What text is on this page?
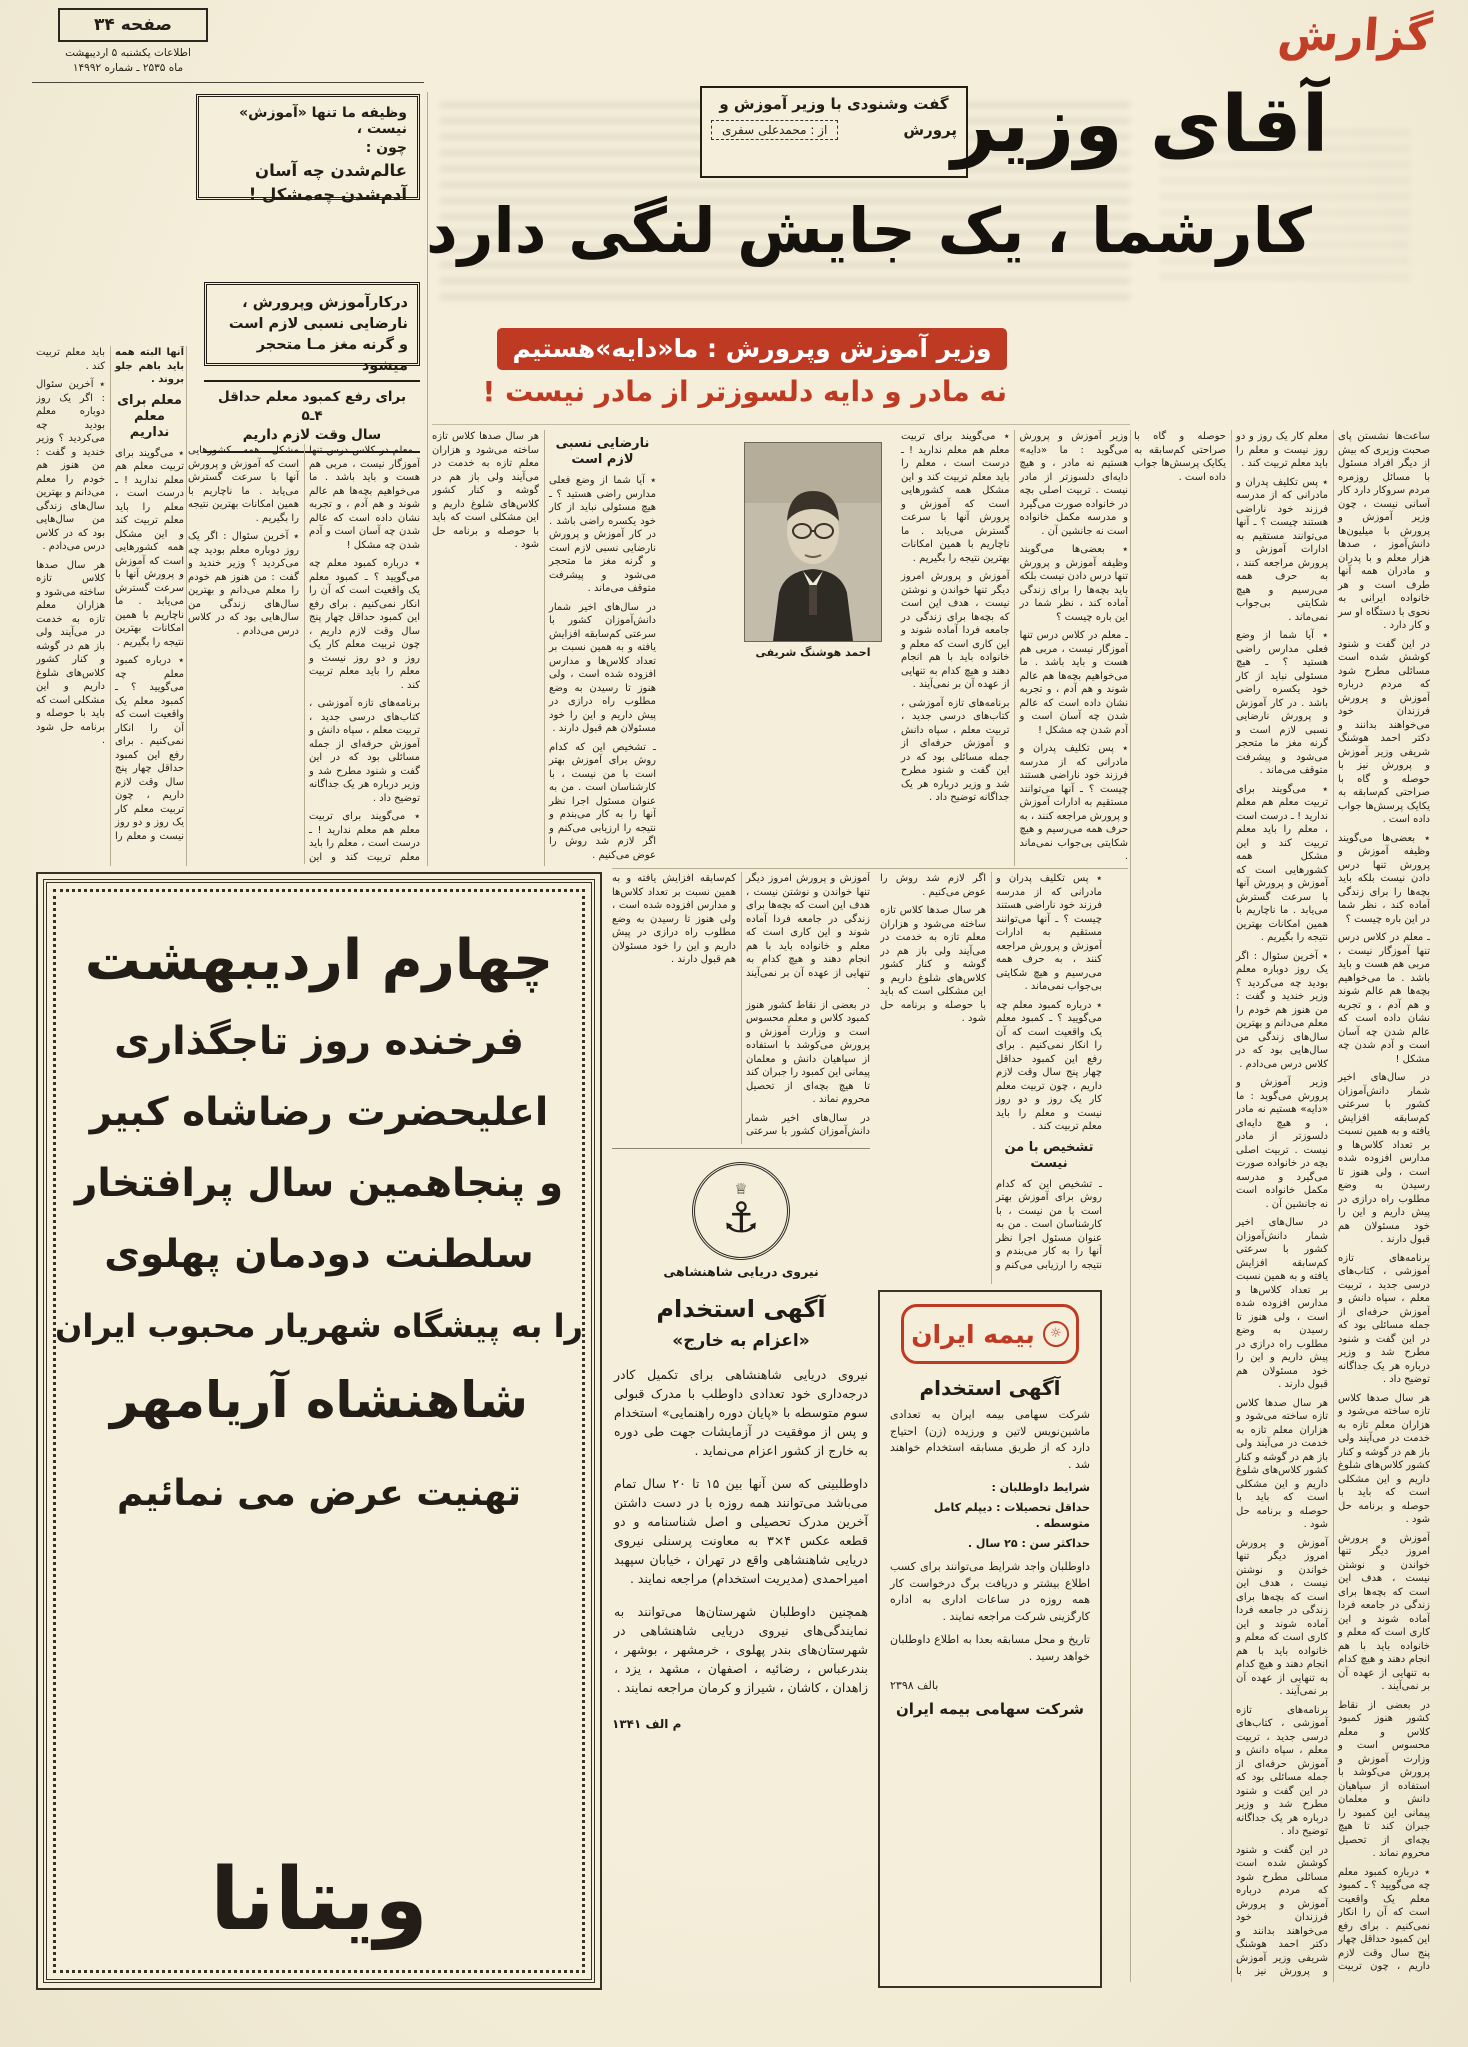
گزارش
صفحه ۳۴
اطلاعات یکشنبه ۵ اردیبهشت
ماه ۲۵۳۵ ـ شماره ۱۴۹۹۲
گفت وشنودی با وزیر آموزش و
پرورش
از : محمدعلی سفری آقای وزیر
کارشما ، یک جایش لنگی دارد
وظیفه ما تنها «آموزش» نیست ،
چون :
عالم‌شدن چه آسان
آدم‌شدن چه‌مشکل !
درکارآموزش وپرورش ، نارضایی نسبی لازم است و گرنه مغز مـا متحجر میشود
برای رفع کمبود معلم حداقل ۴ـ۵
سال وقت لازم داریم
وزیر آموزش وپرورش : ما«دایه»هستیم
نه مادر و دایه دلسوزتر از مادر نیست !

ساعت‌ها نشستن پای صحبت وزیری که بیش از دیگر افراد مسئول با مسائل روزمره مردم سروکار دارد کار آسانی نیست ، چون وزیر آموزش و پرورش با میلیون‌ها دانش‌آموز ، صدها هزار معلم و با پدران و مادران همه آنها طرف است و هر خانواده ایرانی به نحوی با دستگاه او سر و کار دارد .

در این گفت و شنود کوشش شده است مسائلی مطرح شود که مردم درباره آموزش و پرورش فرزندان خود می‌خواهند بدانند و دکتر احمد هوشنگ شریفی وزیر آموزش و پرورش نیز با حوصله و گاه با صراحتی کم‌سابقه به یکایک پرسش‌ها جواب داده است .

٭ بعضی‌ها می‌گویند وظیفه آموزش و پرورش تنها درس دادن نیست بلکه باید بچه‌ها را برای زندگی آماده کند ، نظر شما در این باره چیست ؟

ـ معلم در کلاس درس تنها آموزگار نیست ، مربی هم هست و باید باشد . ما می‌خواهیم بچه‌ها هم عالم شوند و هم آدم ، و تجربه نشان داده است که عالم شدن چه آسان است و آدم شدن چه مشکل !

در سال‌های اخیر شمار دانش‌آموزان کشور با سرعتی کم‌سابقه افزایش یافته و به همین نسبت بر تعداد کلاس‌ها و مدارس افزوده شده است ، ولی هنوز تا رسیدن به وضع مطلوب راه درازی در پیش داریم و این را خود مسئولان هم قبول دارند .

برنامه‌های تازه آموزشی ، کتاب‌های درسی جدید ، تربیت معلم ، سپاه دانش و آموزش حرفه‌ای از جمله مسائلی بود که در این گفت و شنود مطرح شد و وزیر درباره هر یک جداگانه توضیح داد .

هر سال صدها کلاس تازه ساخته می‌شود و هزاران معلم تازه به خدمت در می‌آیند ولی باز هم در گوشه و کنار کشور کلاس‌های شلوغ داریم و این مشکلی است که باید با حوصله و برنامه حل شود .

آموزش و پرورش امروز دیگر تنها خواندن و نوشتن نیست ، هدف این است که بچه‌ها برای زندگی در جامعه فردا آماده شوند و این کاری است که معلم و خانواده باید با هم انجام دهند و هیچ کدام به تنهایی از عهده آن بر نمی‌آیند .

در بعضی از نقاط کشور هنوز کمبود کلاس و معلم محسوس است و وزارت آموزش و پرورش می‌کوشد با استفاده از سپاهیان دانش و معلمان پیمانی این کمبود را جبران کند تا هیچ بچه‌ای از تحصیل محروم نماند .

٭ درباره کمبود معلم چه می‌گویید ؟ ـ کمبود معلم یک واقعیت است که آن را انکار نمی‌کنیم . برای رفع این کمبود حداقل چهار پنج سال وقت لازم داریم ، چون تربیت معلم کار یک روز و دو روز نیست و معلم را باید معلم تربیت کند .

٭ پس تکلیف پدران و مادرانی که از مدرسه فرزند خود ناراضی هستند چیست ؟ ـ آنها می‌توانند مستقیم به ادارات آموزش و پرورش مراجعه کنند ، به حرف همه می‌رسیم و هیچ شکایتی بی‌جواب نمی‌ماند .

٭ آیا شما از وضع فعلی مدارس راضی هستید ؟ ـ هیچ مسئولی نباید از کار خود یکسره راضی باشد . در کار آموزش و پرورش نارضایی نسبی لازم است و گرنه مغز ما متحجر می‌شود و پیشرفت متوقف می‌ماند .

٭ می‌گویند برای تربیت معلم هم معلم ندارید ! ـ درست است ، معلم را باید معلم تربیت کند و این مشکل همه کشورهایی است که آموزش و پرورش آنها با سرعت گسترش می‌یابد . ما ناچاریم با همین امکانات بهترین نتیجه را بگیریم .

٭ آخرین سئوال : اگر یک روز دوباره معلم بودید چه می‌کردید ؟ وزیر خندید و گفت : من هنوز هم خودم را معلم می‌دانم و بهترین سال‌های زندگی من سال‌هایی بود که در کلاس درس می‌دادم .

وزیر آموزش و پرورش می‌گوید : ما «دایه» هستیم نه مادر ، و هیچ دایه‌ای دلسوزتر از مادر نیست . تربیت اصلی بچه در خانواده صورت می‌گیرد و مدرسه مکمل خانواده است نه جانشین آن .

در سال‌های اخیر شمار دانش‌آموزان کشور با سرعتی کم‌سابقه افزایش یافته و به همین نسبت بر تعداد کلاس‌ها و مدارس افزوده شده است ، ولی هنوز تا رسیدن به وضع مطلوب راه درازی در پیش داریم و این را خود مسئولان هم قبول دارند .

هر سال صدها کلاس تازه ساخته می‌شود و هزاران معلم تازه به خدمت در می‌آیند ولی باز هم در گوشه و کنار کشور کلاس‌های شلوغ داریم و این مشکلی است که باید با حوصله و برنامه حل شود .

آموزش و پرورش امروز دیگر تنها خواندن و نوشتن نیست ، هدف این است که بچه‌ها برای زندگی در جامعه فردا آماده شوند و این کاری است که معلم و خانواده باید با هم انجام دهند و هیچ کدام به تنهایی از عهده آن بر نمی‌آیند .

برنامه‌های تازه آموزشی ، کتاب‌های درسی جدید ، تربیت معلم ، سپاه دانش و آموزش حرفه‌ای از جمله مسائلی بود که در این گفت و شنود مطرح شد و وزیر درباره هر یک جداگانه توضیح داد .

در این گفت و شنود کوشش شده است مسائلی مطرح شود که مردم درباره آموزش و پرورش فرزندان خود می‌خواهند بدانند و دکتر احمد هوشنگ شریفی وزیر آموزش و پرورش نیز با حوصله و گاه با صراحتی کم‌سابقه به یکایک پرسش‌ها جواب داده است .

وزیر آموزش و پرورش می‌گوید : ما «دایه» هستیم نه مادر ، و هیچ دایه‌ای دلسوزتر از مادر نیست . تربیت اصلی بچه در خانواده صورت می‌گیرد و مدرسه مکمل خانواده است نه جانشین آن .

٭ بعضی‌ها می‌گویند وظیفه آموزش و پرورش تنها درس دادن نیست بلکه باید بچه‌ها را برای زندگی آماده کند ، نظر شما در این باره چیست ؟

ـ معلم در کلاس درس تنها آموزگار نیست ، مربی هم هست و باید باشد . ما می‌خواهیم بچه‌ها هم عالم شوند و هم آدم ، و تجربه نشان داده است که عالم شدن چه آسان است و آدم شدن چه مشکل !

٭ پس تکلیف پدران و مادرانی که از مدرسه فرزند خود ناراضی هستند چیست ؟ ـ آنها می‌توانند مستقیم به ادارات آموزش و پرورش مراجعه کنند ، به حرف همه می‌رسیم و هیچ شکایتی بی‌جواب نمی‌ماند .

٭ می‌گویند برای تربیت معلم هم معلم ندارید ! ـ درست است ، معلم را باید معلم تربیت کند و این مشکل همه کشورهایی است که آموزش و پرورش آنها با سرعت گسترش می‌یابد . ما ناچاریم با همین امکانات بهترین نتیجه را بگیریم .

آموزش و پرورش امروز دیگر تنها خواندن و نوشتن نیست ، هدف این است که بچه‌ها برای زندگی در جامعه فردا آماده شوند و این کاری است که معلم و خانواده باید با هم انجام دهند و هیچ کدام به تنهایی از عهده آن بر نمی‌آیند .

برنامه‌های تازه آموزشی ، کتاب‌های درسی جدید ، تربیت معلم ، سپاه دانش و آموزش حرفه‌ای از جمله مسائلی بود که در این گفت و شنود مطرح شد و وزیر درباره هر یک جداگانه توضیح داد .

نارضایی نسبی لازم است

٭ آیا شما از وضع فعلی مدارس راضی هستید ؟ ـ هیچ مسئولی نباید از کار خود یکسره راضی باشد . در کار آموزش و پرورش نارضایی نسبی لازم است و گرنه مغز ما متحجر می‌شود و پیشرفت متوقف می‌ماند .

در سال‌های اخیر شمار دانش‌آموزان کشور با سرعتی کم‌سابقه افزایش یافته و به همین نسبت بر تعداد کلاس‌ها و مدارس افزوده شده است ، ولی هنوز تا رسیدن به وضع مطلوب راه درازی در پیش داریم و این را خود مسئولان هم قبول دارند .

ـ تشخیص این که کدام روش برای آموزش بهتر است با من نیست ، با کارشناسان است . من به عنوان مسئول اجرا نظر آنها را به کار می‌بندم و نتیجه را ارزیابی می‌کنم و اگر لازم شد روش را عوض می‌کنیم .

هر سال صدها کلاس تازه ساخته می‌شود و هزاران معلم تازه به خدمت در می‌آیند ولی باز هم در گوشه و کنار کشور کلاس‌های شلوغ داریم و این مشکلی است که باید با حوصله و برنامه حل شود .

٭ پس تکلیف پدران و مادرانی که از مدرسه فرزند خود ناراضی هستند چیست ؟ ـ آنها می‌توانند مستقیم به ادارات آموزش و پرورش مراجعه کنند ، به حرف همه می‌رسیم و هیچ شکایتی بی‌جواب نمی‌ماند .

٭ درباره کمبود معلم چه می‌گویید ؟ ـ کمبود معلم یک واقعیت است که آن را انکار نمی‌کنیم . برای رفع این کمبود حداقل چهار پنج سال وقت لازم داریم ، چون تربیت معلم کار یک روز و دو روز نیست و معلم را باید معلم تربیت کند .

تشخیص با من نیست

ـ تشخیص این که کدام روش برای آموزش بهتر است با من نیست ، با کارشناسان است . من به عنوان مسئول اجرا نظر آنها را به کار می‌بندم و نتیجه را ارزیابی می‌کنم و اگر لازم شد روش را عوض می‌کنیم .

هر سال صدها کلاس تازه ساخته می‌شود و هزاران معلم تازه به خدمت در می‌آیند ولی باز هم در گوشه و کنار کشور کلاس‌های شلوغ داریم و این مشکلی است که باید با حوصله و برنامه حل شود .

آموزش و پرورش امروز دیگر تنها خواندن و نوشتن نیست ، هدف این است که بچه‌ها برای زندگی در جامعه فردا آماده شوند و این کاری است که معلم و خانواده باید با هم انجام دهند و هیچ کدام به تنهایی از عهده آن بر نمی‌آیند .

در بعضی از نقاط کشور هنوز کمبود کلاس و معلم محسوس است و وزارت آموزش و پرورش می‌کوشد با استفاده از سپاهیان دانش و معلمان پیمانی این کمبود را جبران کند تا هیچ بچه‌ای از تحصیل محروم نماند .

در سال‌های اخیر شمار دانش‌آموزان کشور با سرعتی کم‌سابقه افزایش یافته و به همین نسبت بر تعداد کلاس‌ها و مدارس افزوده شده است ، ولی هنوز تا رسیدن به وضع مطلوب راه درازی در پیش داریم و این را خود مسئولان هم قبول دارند .

ـ معلم در کلاس درس تنها آموزگار نیست ، مربی هم هست و باید باشد . ما می‌خواهیم بچه‌ها هم عالم شوند و هم آدم ، و تجربه نشان داده است که عالم شدن چه آسان است و آدم شدن چه مشکل !

٭ درباره کمبود معلم چه می‌گویید ؟ ـ کمبود معلم یک واقعیت است که آن را انکار نمی‌کنیم . برای رفع این کمبود حداقل چهار پنج سال وقت لازم داریم ، چون تربیت معلم کار یک روز و دو روز نیست و معلم را باید معلم تربیت کند .

برنامه‌های تازه آموزشی ، کتاب‌های درسی جدید ، تربیت معلم ، سپاه دانش و آموزش حرفه‌ای از جمله مسائلی بود که در این گفت و شنود مطرح شد و وزیر درباره هر یک جداگانه توضیح داد .

٭ می‌گویند برای تربیت معلم هم معلم ندارید ! ـ درست است ، معلم را باید معلم تربیت کند و این مشکل همه کشورهایی است که آموزش و پرورش آنها با سرعت گسترش می‌یابد . ما ناچاریم با همین امکانات بهترین نتیجه را بگیریم .

٭ آخرین سئوال : اگر یک روز دوباره معلم بودید چه می‌کردید ؟ وزیر خندید و گفت : من هنوز هم خودم را معلم می‌دانم و بهترین سال‌های زندگی من سال‌هایی بود که در کلاس درس می‌دادم .

آنها البته همه باید باهم جلو بروند .

معلم برای معلم نداریم

٭ می‌گویند برای تربیت معلم هم معلم ندارید ! ـ درست است ، معلم را باید معلم تربیت کند و این مشکل همه کشورهایی است که آموزش و پرورش آنها با سرعت گسترش می‌یابد . ما ناچاریم با همین امکانات بهترین نتیجه را بگیریم .

٭ درباره کمبود معلم چه می‌گویید ؟ ـ کمبود معلم یک واقعیت است که آن را انکار نمی‌کنیم . برای رفع این کمبود حداقل چهار پنج سال وقت لازم داریم ، چون تربیت معلم کار یک روز و دو روز نیست و معلم را باید معلم تربیت کند .

٭ آخرین سئوال : اگر یک روز دوباره معلم بودید چه می‌کردید ؟ وزیر خندید و گفت : من هنوز هم خودم را معلم می‌دانم و بهترین سال‌های زندگی من سال‌هایی بود که در کلاس درس می‌دادم .

هر سال صدها کلاس تازه ساخته می‌شود و هزاران معلم تازه به خدمت در می‌آیند ولی باز هم در گوشه و کنار کشور کلاس‌های شلوغ داریم و این مشکلی است که باید با حوصله و برنامه حل شود .

احمد هوشنگ شریفی
چهارم اردیبهشت
فرخنده روز تاجگذاری
اعلیحضرت رضاشاه کبیر
و پنجاهمین سال پرافتخار
سلطنت دودمان پهلوی
را به پیشگاه شهریار محبوب ایران
شاهنشاه آریامهر
تهنیت عرض می نمائیم
ویتانا
♕
⚓
نیروی دریایی شاهنشاهی
آگهی استخدام
«اعزام به خارج»

نیروی دریایی شاهنشاهی برای تکمیل کادر درجه‌داری خود تعدادی داوطلب با مدرک قبولی سوم متوسطه با «پایان دوره راهنمایی» استخدام و پس از موفقیت در آزمایشات جهت طی دوره به خارج از کشور اعزام می‌نماید .

داوطلبینی که سن آنها بین ۱۵ تا ۲۰ سال تمام می‌باشد می‌توانند همه روزه با در دست داشتن آخرین مدرک تحصیلی و اصل شناسنامه و دو قطعه عکس ۴×۳ به معاونت پرسنلی نیروی دریایی شاهنشاهی واقع در تهران ، خیابان سپهبد امیراحمدی (مدیریت استخدام) مراجعه نمایند .

همچنین داوطلبان شهرستان‌ها می‌توانند به نمایندگی‌های نیروی دریایی شاهنشاهی در شهرستان‌های بندر پهلوی ، خرمشهر ، بوشهر ، بندرعباس ، رضائیه ، اصفهان ، مشهد ، یزد ، زاهدان ، کاشان ، شیراز و کرمان مراجعه نمایند .

م الف ۱۳۴۱
☼
بیمه ایران
آگهی استخدام

شرکت سهامی بیمه ایران به تعدادی ماشین‌نویس لاتین و ورزیده (زن) احتیاج دارد که از طریق مسابقه استخدام خواهند شد .

شرایط داوطلبان :

حداقل تحصیلات : دیپلم کامل متوسطه .

حداکثر سن : ۲۵ سال .

داوطلبان واجد شرایط می‌توانند برای کسب اطلاع بیشتر و دریافت برگ درخواست کار همه روزه در ساعات اداری به اداره کارگزینی شرکت مراجعه نمایند .

تاریخ و محل مسابقه بعدا به اطلاع داوطلبان خواهد رسید .

بالف ۲۳۹۸
شرکت سهامی بیمه ایران
